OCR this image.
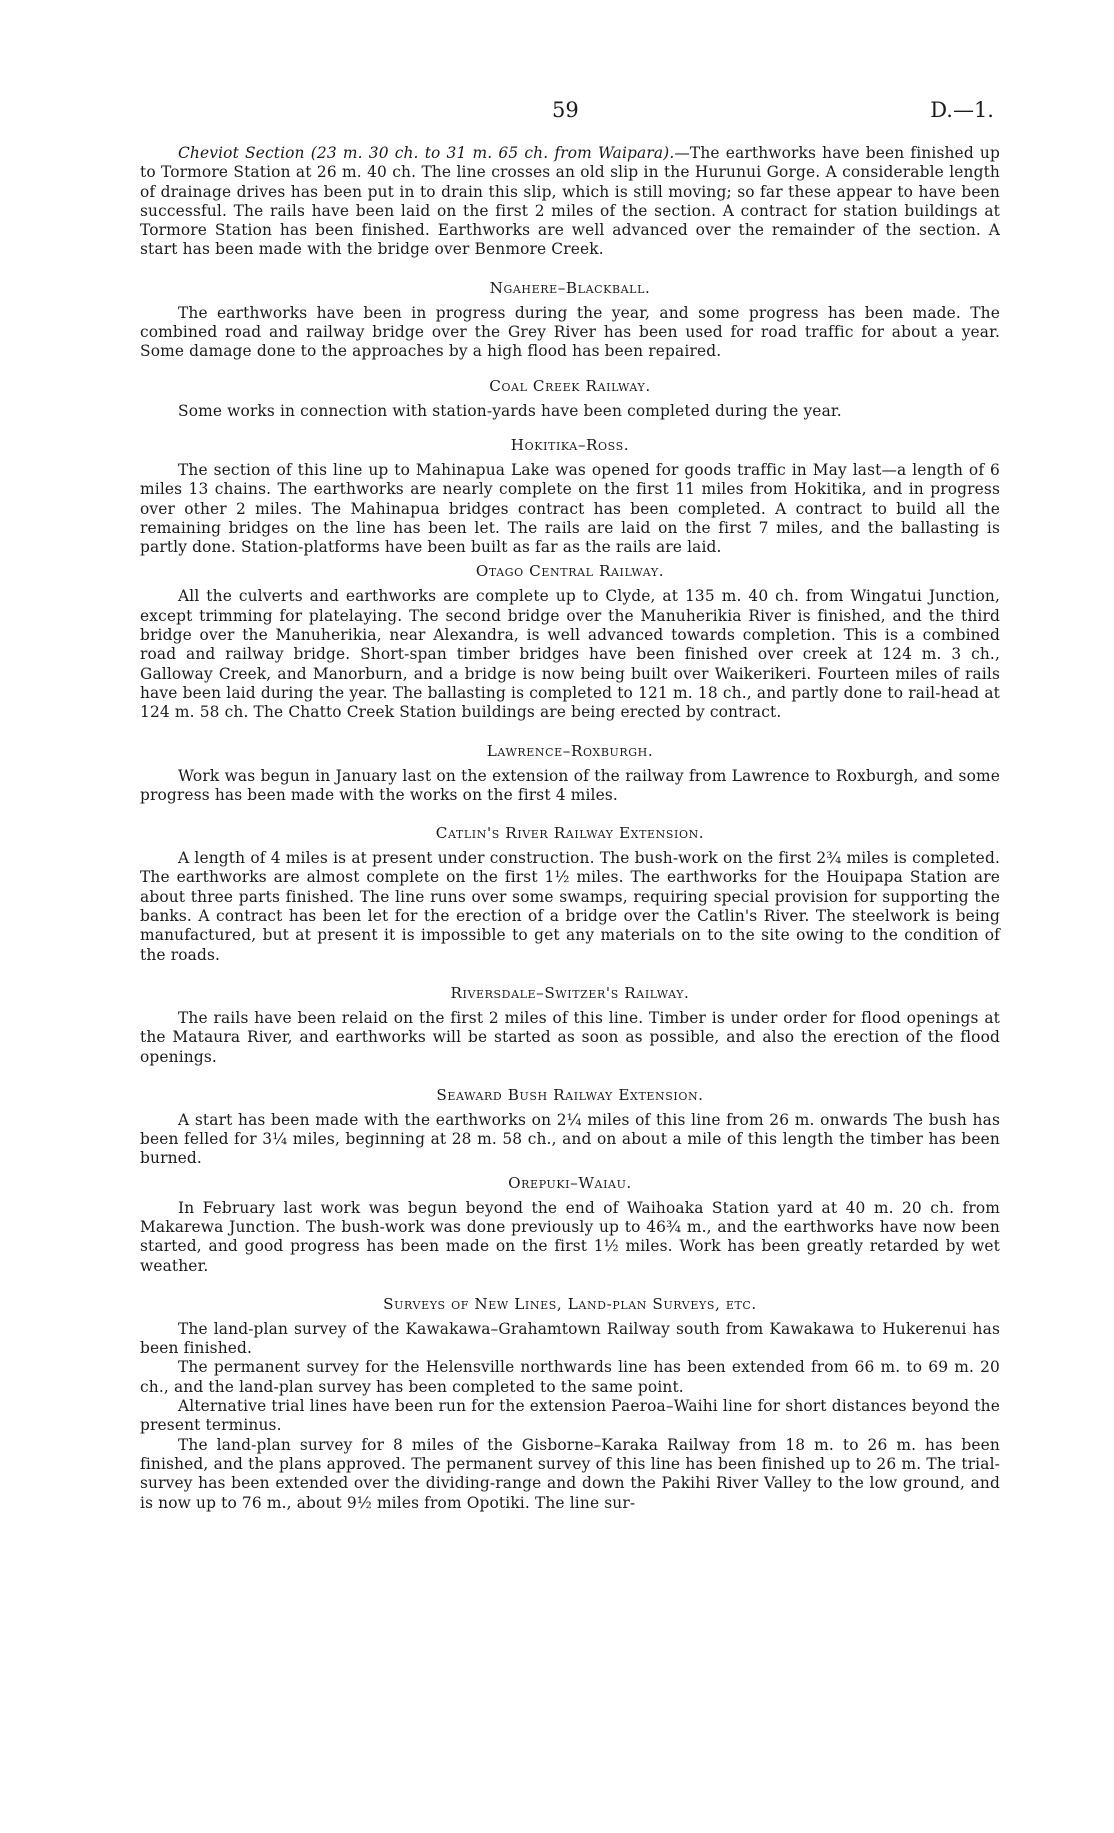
59	D.—1.

Cheviot Section (23 m. 30 ch. to 31 m. 65 ch. from Waipara).—The earthworks have been finished up to Tormore Station at 26 m. 40 ch. The line crosses an old slip in the Hurunui Gorge. A considerable length of drainage drives has been put in to drain this slip, which is still moving; so far these appear to have been successful. The rails have been laid on the first 2 miles of the section. A contract for station buildings at Tormore Station has been finished. Earthworks are well advanced over the remainder of the section. A start has been made with the bridge over Benmore Creek.

Ngahere–Blackball.

The earthworks have been in progress during the year, and some progress has been made. The combined road and railway bridge over the Grey River has been used for road traffic for about a year. Some damage done to the approaches by a high flood has been repaired.

Coal Creek Railway.

Some works in connection with station-yards have been completed during the year.

Hokitika–Ross.

The section of this line up to Mahinapua Lake was opened for goods traffic in May last—a length of 6 miles 13 chains. The earthworks are nearly complete on the first 11 miles from Hokitika, and in progress over other 2 miles. The Mahinapua bridges contract has been completed. A contract to build all the remaining bridges on the line has been let. The rails are laid on the first 7 miles, and the ballasting is partly done. Station-platforms have been built as far as the rails are laid.

Otago Central Railway.

All the culverts and earthworks are complete up to Clyde, at 135 m. 40 ch. from Wingatui Junction, except trimming for platelaying. The second bridge over the Manuherikia River is finished, and the third bridge over the Manuherikia, near Alexandra, is well advanced towards completion. This is a combined road and railway bridge. Short-span timber bridges have been finished over creek at 124 m. 3 ch., Galloway Creek, and Manorburn, and a bridge is now being built over Waikerikeri. Fourteen miles of rails have been laid during the year. The ballasting is completed to 121 m. 18 ch., and partly done to rail-head at 124 m. 58 ch. The Chatto Creek Station buildings are being erected by contract.

Lawrence–Roxburgh.

Work was begun in January last on the extension of the railway from Lawrence to Roxburgh, and some progress has been made with the works on the first 4 miles.

Catlin's River Railway Extension.

A length of 4 miles is at present under construction. The bush-work on the first 2¾ miles is completed. The earthworks are almost complete on the first 1½ miles. The earthworks for the Houipapa Station are about three parts finished. The line runs over some swamps, requiring special provision for supporting the banks. A contract has been let for the erection of a bridge over the Catlin's River. The steelwork is being manufactured, but at present it is impossible to get any materials on to the site owing to the condition of the roads.

Riversdale–Switzer's Railway.

The rails have been relaid on the first 2 miles of this line. Timber is under order for flood openings at the Mataura River, and earthworks will be started as soon as possible, and also the erection of the flood openings.

Seaward Bush Railway Extension.

A start has been made with the earthworks on 2¼ miles of this line from 26 m. onwards The bush has been felled for 3¼ miles, beginning at 28 m. 58 ch., and on about a mile of this length the timber has been burned.

Orepuki–Waiau.

In February last work was begun beyond the end of Waihoaka Station yard at 40 m. 20 ch. from Makarewa Junction. The bush-work was done previously up to 46¾ m., and the earthworks have now been started, and good progress has been made on the first 1½ miles. Work has been greatly retarded by wet weather.

Surveys of New Lines, Land-plan Surveys, etc.

The land-plan survey of the Kawakawa–Grahamtown Railway south from Kawakawa to Hukerenui has been finished.

The permanent survey for the Helensville northwards line has been extended from 66 m. to 69 m. 20 ch., and the land-plan survey has been completed to the same point.

Alternative trial lines have been run for the extension Paeroa–Waihi line for short distances beyond the present terminus.

The land-plan survey for 8 miles of the Gisborne–Karaka Railway from 18 m. to 26 m. has been finished, and the plans approved. The permanent survey of this line has been finished up to 26 m. The trial-survey has been extended over the dividing-range and down the Pakihi River Valley to the low ground, and is now up to 76 m., about 9½ miles from Opotiki. The line sur-
